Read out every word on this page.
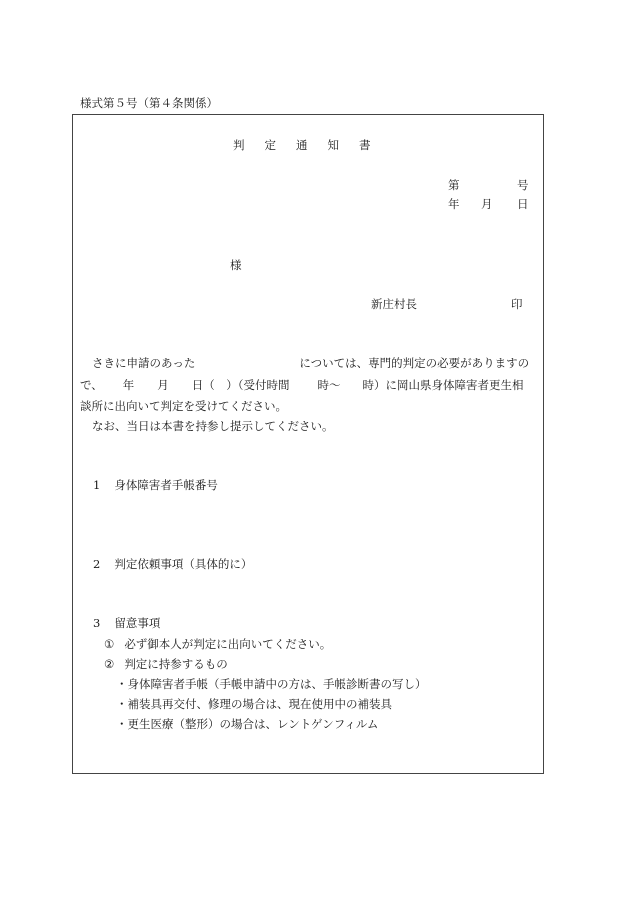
様式第５号（第４条関係）
判 定 通 知 書
第	号
年 月 日
様
新庄村長	印
さきに申請のあった	については、専門的判定の必要がありますの
で、 年 月 日（　）（受付時間 時～ 時）に岡山県身体障害者更生相
談所に出向いて判定を受けてください。
なお、当日は本書を持参し提示してください。
1 身体障害者手帳番号
2 判定依頼事項（具体的に）
3 留意事項
① 必ず御本人が判定に出向いてください。
② 判定に持参するもの
・身体障害者手帳（手帳申請中の方は、手帳診断書の写し）
・補装具再交付、修理の場合は、現在使用中の補装具
・更生医療（整形）の場合は、レントゲンフィルム
